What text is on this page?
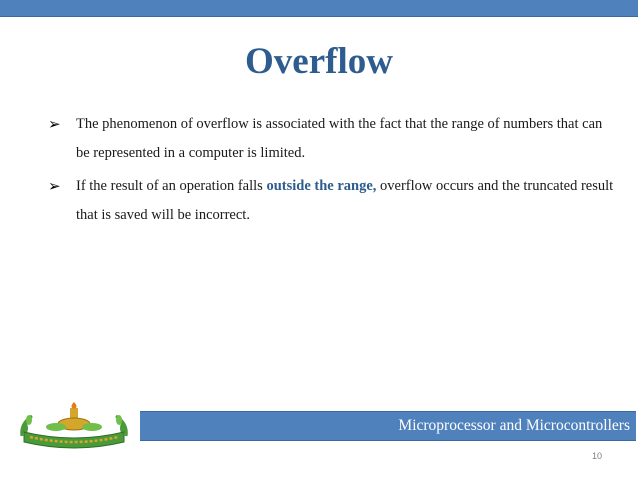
Overflow
➢	The phenomenon of overflow is associated with the fact that the range of numbers that can be represented in a computer is limited.
➢	If the result of an operation falls outside the range, overflow occurs and the truncated result that is saved will be incorrect.
Microprocessor and Microcontrollers
10
